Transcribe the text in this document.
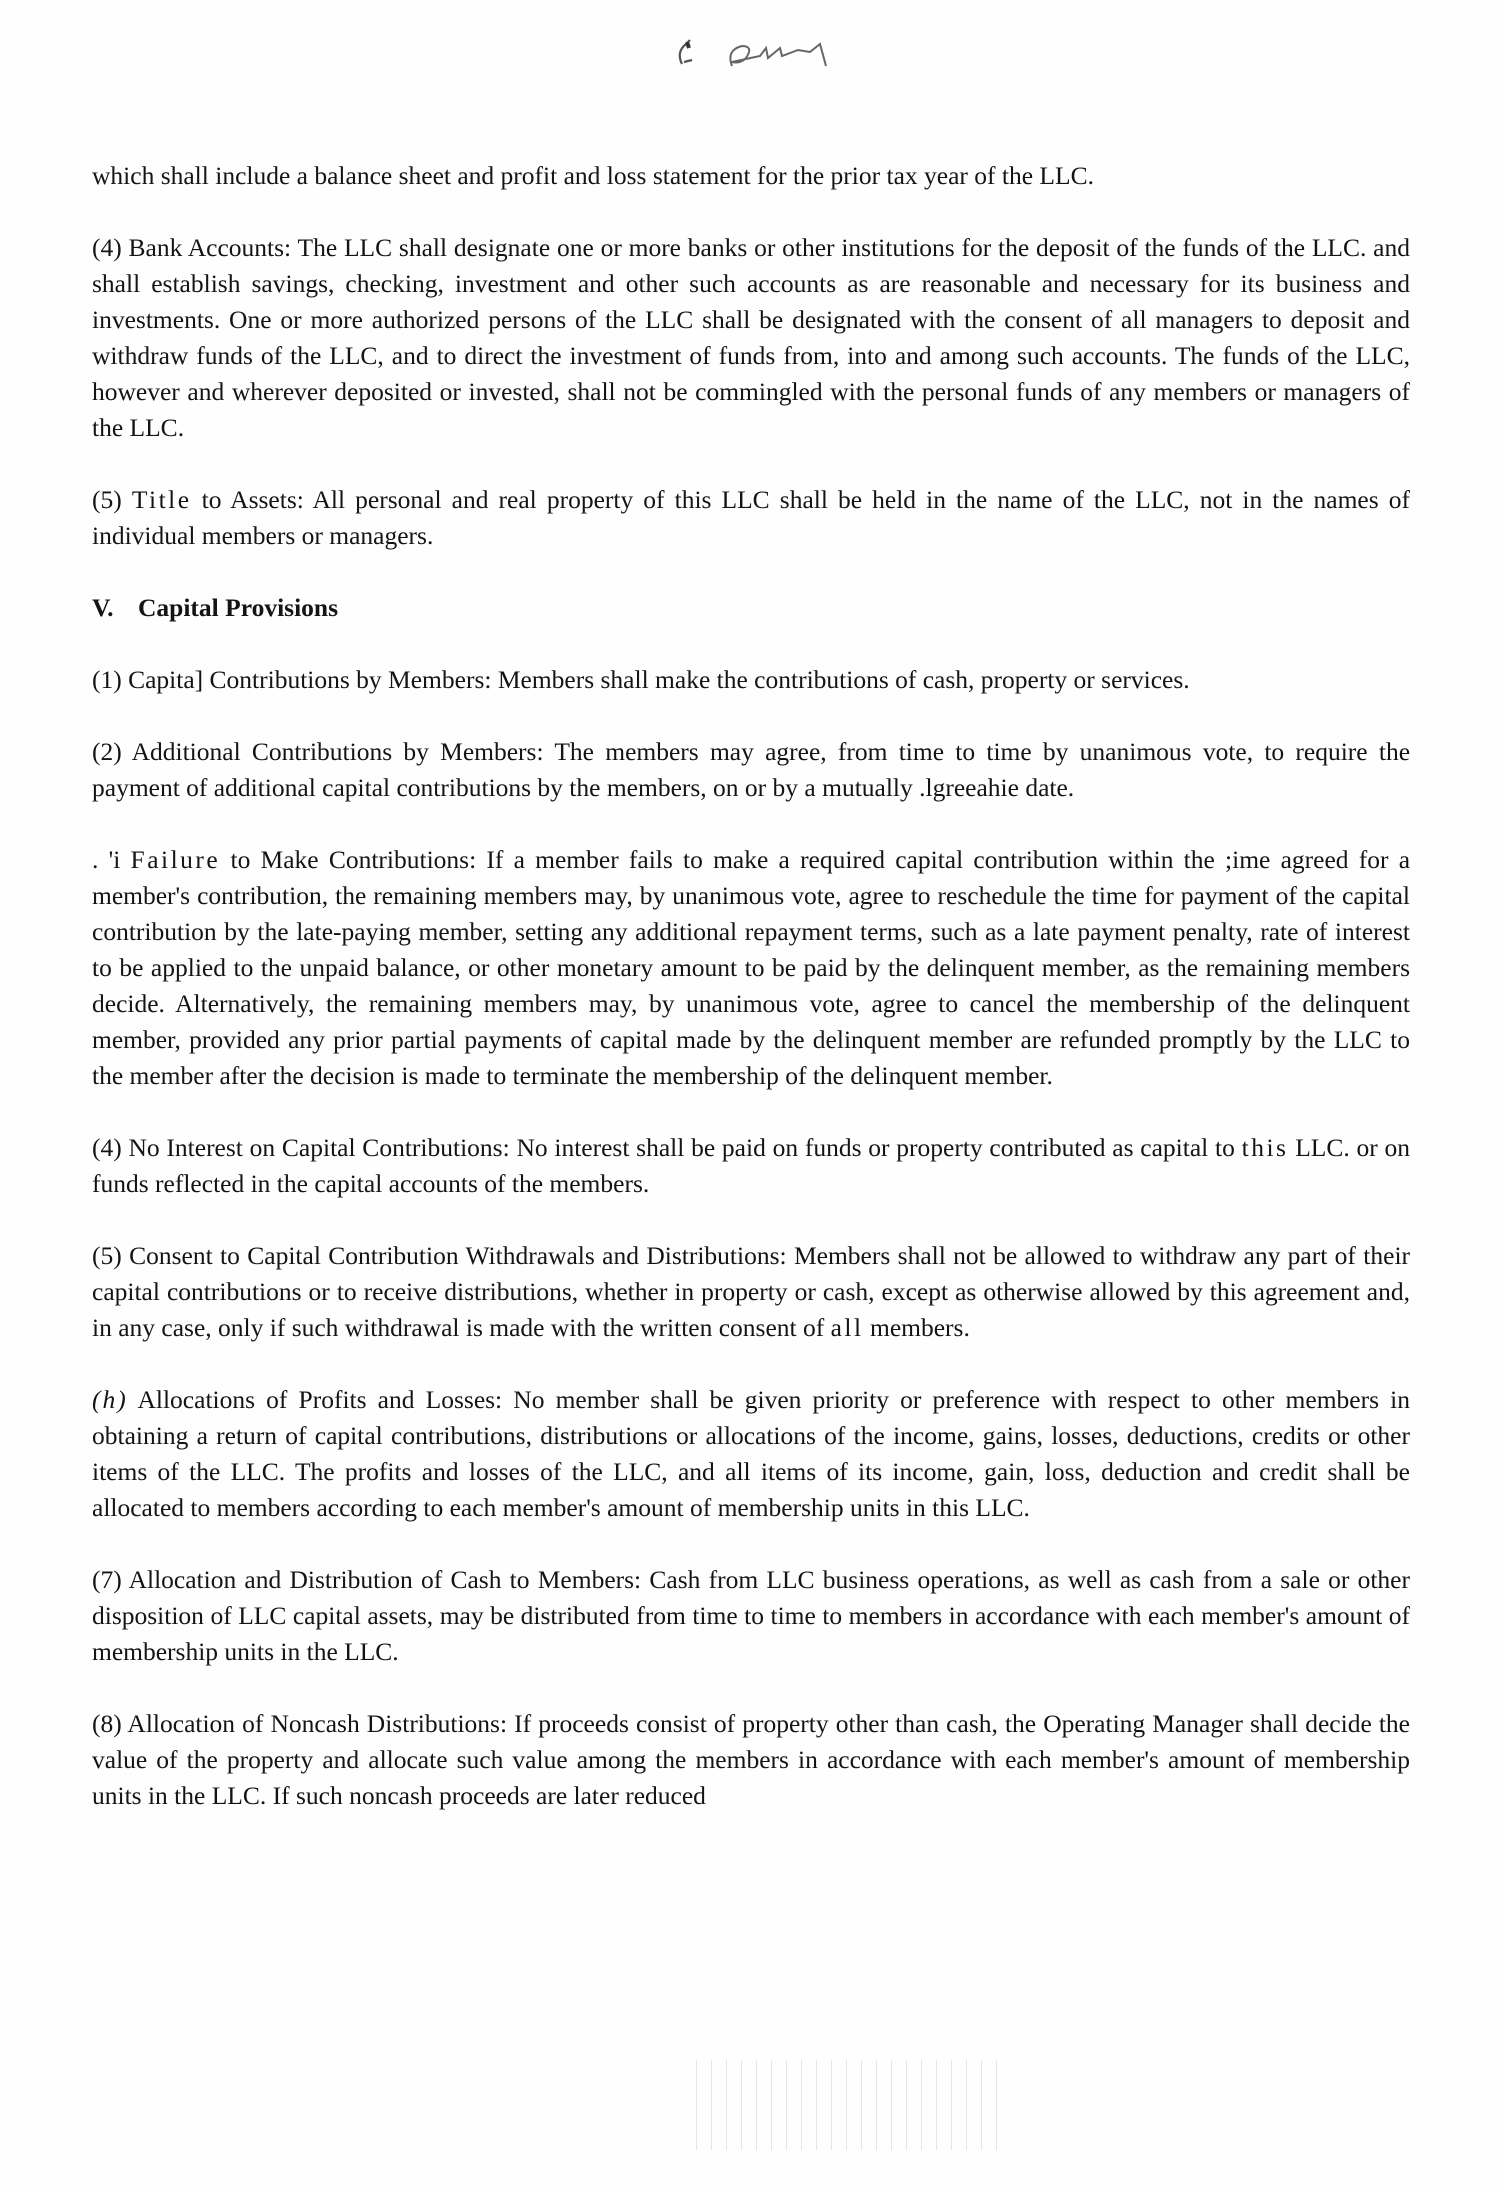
which shall include a balance sheet and profit and loss statement for the prior tax year of the LLC.

(4) Bank Accounts: The LLC shall designate one or more banks or other institutions for the deposit of the funds of the LLC. and shall establish savings, checking, investment and other such accounts as are reasonable and necessary for its business and investments. One or more authorized persons of the LLC shall be designated with the consent of all managers to deposit and withdraw funds of the LLC, and to direct the investment of funds from, into and among such accounts. The funds of the LLC, however and wherever deposited or invested, shall not be commingled with the personal funds of any members or managers of the LLC.

(5) Title to Assets: All personal and real property of this LLC shall be held in the name of the LLC, not in the names of individual members or managers.

V. Capital Provisions

(1) Capita] Contributions by Members: Members shall make the contributions of cash, property or services.

(2) Additional Contributions by Members: The members may agree, from time to time by unanimous vote, to require the payment of additional capital contributions by the members, on or by a mutually .lgreeahie date.

. 'i Failure to Make Contributions: If a member fails to make a required capital contribution within the ;ime agreed for a member's contribution, the remaining members may, by unanimous vote, agree to reschedule the time for payment of the capital contribution by the late-paying member, setting any additional repayment terms, such as a late payment penalty, rate of interest to be applied to the unpaid balance, or other monetary amount to be paid by the delinquent member, as the remaining members decide. Alternatively, the remaining members may, by unanimous vote, agree to cancel the membership of the delinquent member, provided any prior partial payments of capital made by the delinquent member are refunded promptly by the LLC to the member after the decision is made to terminate the membership of the delinquent member.

(4) No Interest on Capital Contributions: No interest shall be paid on funds or property contributed as capital to this LLC. or on funds reflected in the capital accounts of the members.

(5) Consent to Capital Contribution Withdrawals and Distributions: Members shall not be allowed to withdraw any part of their capital contributions or to receive distributions, whether in property or cash, except as otherwise allowed by this agreement and, in any case, only if such withdrawal is made with the written consent of all members.

(h) Allocations of Profits and Losses: No member shall be given priority or preference with respect to other members in obtaining a return of capital contributions, distributions or allocations of the income, gains, losses, deductions, credits or other items of the LLC. The profits and losses of the LLC, and all items of its income, gain, loss, deduction and credit shall be allocated to members according to each member's amount of membership units in this LLC.

(7) Allocation and Distribution of Cash to Members: Cash from LLC business operations, as well as cash from a sale or other disposition of LLC capital assets, may be distributed from time to time to members in accordance with each member's amount of membership units in the LLC.

(8) Allocation of Noncash Distributions: If proceeds consist of property other than cash, the Operating Manager shall decide the value of the property and allocate such value among the members in accordance with each member's amount of membership units in the LLC. If such noncash proceeds are later reduced
